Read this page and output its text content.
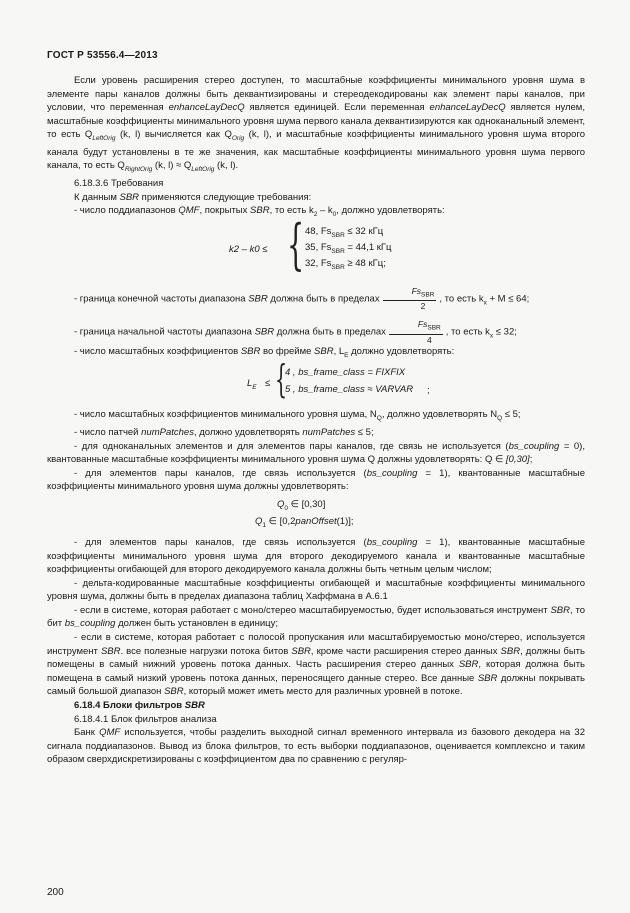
ГОСТ Р 53556.4—2013

Если уровень расширения стерео доступен, то масштабные коэффициенты минимального уровня шума в элементе пары каналов должны быть деквантизированы и стереодекодированы как элемент пары каналов, при условии, что переменная enhanceLayDecQ является единицей. Если переменная enhanceLayDecQ является нулем, масштабные коэффициенты минимального уровня шума первого канала деквантизируются как одноканальный элемент, то есть $Q_{LeftOrig}$ (k, l) вычисляется как $Q_{Orig}$ (k, l), и масштабные коэффициенты минимального уровня шума второго канала будут установлены в те же значения, как масштабные коэффициенты минимального уровня шума первого канала, то есть $Q_{RightOrig}$ (k, $l) \approx Q_{LeftOrig}$ (k, l).

6.18.3.6 Требования

К данным SBR применяются следующие требования:

- число поддиапазонов QMF, покрытых SBR, то есть $k_2 - k_0$, должно удовлетворять:

k2 – k0 ≤ { 48, $Fs_{SBR} \le 32$ кГц
35, $Fs_{SBR} = 44,1$ кГц
32, $Fs_{SBR} \ge 48$ кГц;

- граница конечной частоты диапазона SBR должна быть в пределах $\frac{Fs_{SBR}}{2}$ , то есть $k_x + M \le 64$;

- граница начальной частоты диапазона SBR должна быть в пределах $\frac{Fs_{SBR}}{4}$ , то есть $k_x \le 32$;

- число масштабных коэффициентов SBR во фрейме SBR, $L_E$ должно удовлетворять:

$L_E$ ≤ {
4 , bs_frame_class = FIXFIX
5 , bs_frame_class ≈ VARVAR ;

- число масштабных коэффициентов минимального уровня шума, $N_Q$, должно удовлетворять $N_Q \le 5$;

- число патчей numPatches, должно удовлетворять numPatches ≤ 5;

- для одноканальных элементов и для элементов пары каналов, где связь не используется (bs_coupling = 0), квантованные масштабные коэффициенты минимального уровня шума Q должны удовлетворять: Q ∈ [0,30];

- для элементов пары каналов, где связь используется (bs_coupling = 1), квантованные масштабные коэффициенты минимального уровня шума должны удовлетворять:

$Q_0$ ∈ [0,30]
$Q_1$ ∈ [0,2panOffset(1)];

- для элементов пары каналов, где связь используется (bs_coupling = 1), квантованные масштабные коэффициенты минимального уровня шума для второго декодируемого канала и квантованные масштабные коэффициенты огибающей для второго декодируемого канала должны быть четным целым числом;

- дельта-кодированные масштабные коэффициенты огибающей и масштабные коэффициенты минимального уровня шума, должны быть в пределах диапазона таблиц Хаффмана в А.6.1

- если в системе, которая работает с моно/стерео масштабируемостью, будет использоваться инструмент SBR, то бит bs_coupling должен быть установлен в единицу;

- если в системе, которая работает с полосой пропускания или масштабируемостью моно/стерео, используется инструмент SBR. все полезные нагрузки потока битов SBR, кроме части расширения стерео данных SBR, должны быть помещены в самый нижний уровень потока данных. Часть расширения стерео данных SBR, которая должна быть помещена в самый низкий уровень потока данных, переносящего данные стерео. Все данные SBR должны покрывать самый большой диапазон SBR, который может иметь место для различных уровней в потоке.

6.18.4 Блоки фильтров SBR

6.18.4.1 Блок фильтров анализа

Банк QMF используется, чтобы разделить выходной сигнал временного интервала из базового декодера на 32 сигнала поддиапазонов. Вывод из блока фильтров, то есть выборки поддиапазонов, оценивается комплексно и таким образом сверхдискретизированы с коэффициентом два по сравнению с регуляр-

200
